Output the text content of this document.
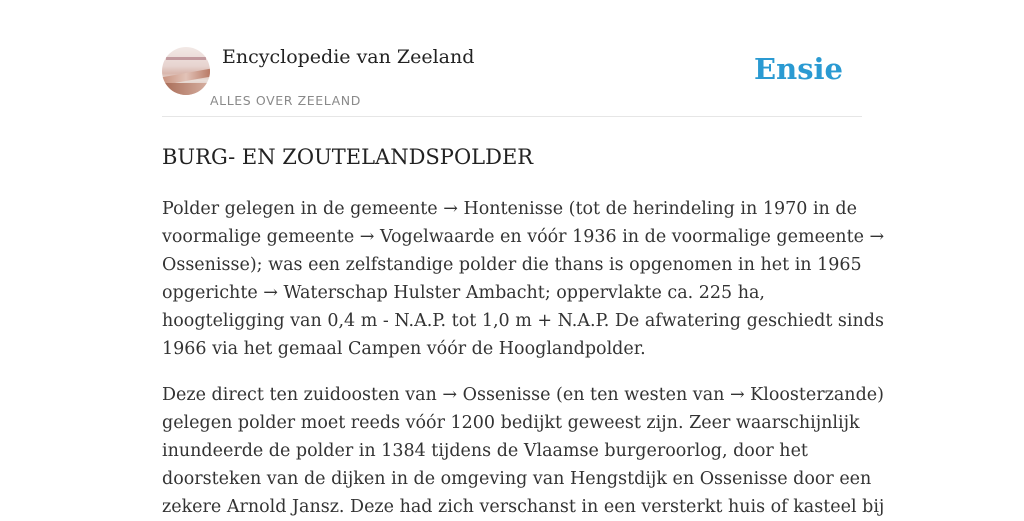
Encyclopedie van Zeeland
ALLES OVER ZEELAND
Ensie
BURG- EN ZOUTELANDSPOLDER

Polder gelegen in de gemeente → Hontenisse (tot de herindeling in 1970 in de
voormalige gemeente → Vogelwaarde en vóór 1936 in de voormalige gemeente →
Ossenisse); was een zelfstandige polder die thans is opgenomen in het in 1965
opgerichte → Waterschap Hulster Ambacht; oppervlakte ca. 225 ha,
hoogteligging van 0,4 m - N.A.P. tot 1,0 m + N.A.P. De afwatering geschiedt sinds
1966 via het gemaal Campen vóór de Hooglandpolder.

Deze direct ten zuidoosten van → Ossenisse (en ten westen van → Kloosterzande)
gelegen polder moet reeds vóór 1200 bedijkt geweest zijn. Zeer waarschijnlijk
inundeerde de polder in 1384 tijdens de Vlaamse burgeroorlog, door het
doorsteken van de dijken in de omgeving van Hengstdijk en Ossenisse door een
zekere Arnold Jansz. Deze had zich verschanst in een versterkt huis of kasteel bij
